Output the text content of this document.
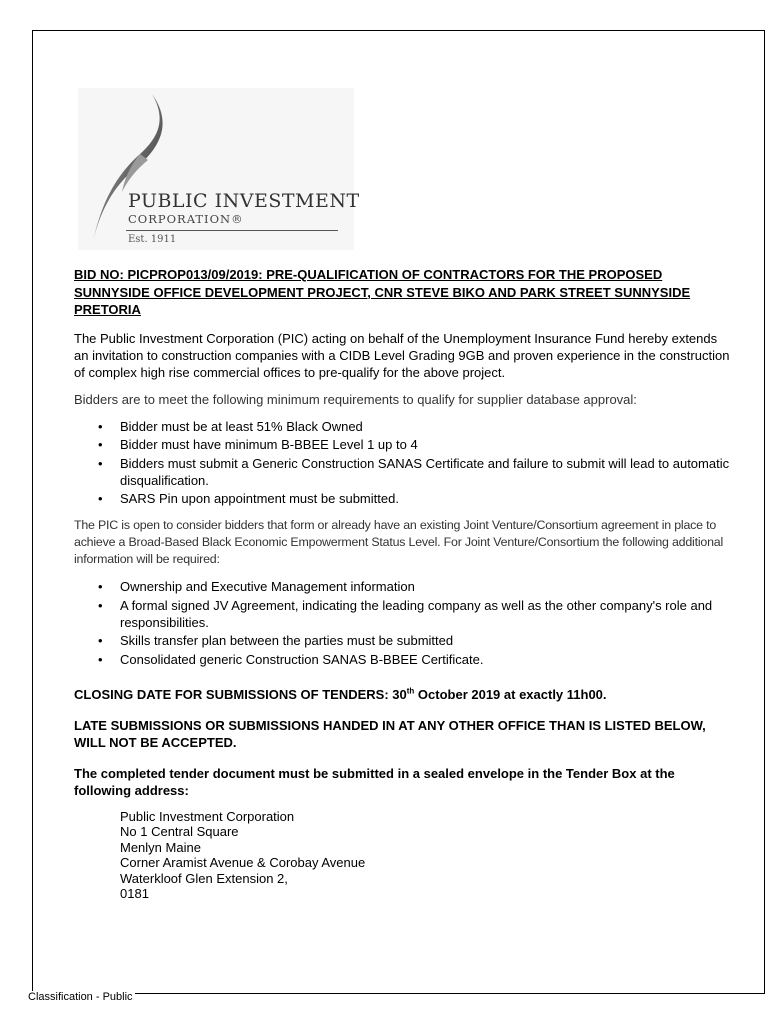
PUBLIC INVESTMENT
CORPORATION®
Est. 1911
BID NO: PICPROP013/09/2019: PRE-QUALIFICATION OF CONTRACTORS FOR THE PROPOSED SUNNYSIDE OFFICE DEVELOPMENT PROJECT, CNR STEVE BIKO AND PARK STREET SUNNYSIDE PRETORIA

The Public Investment Corporation (PIC) acting on behalf of the Unemployment Insurance Fund hereby extends an invitation to construction companies with a CIDB Level Grading 9GB and proven experience in the construction of complex high rise commercial offices to pre-qualify for the above project.

Bidders are to meet the following minimum requirements to qualify for supplier database approval:

• Bidder must be at least 51% Black Owned
• Bidder must have minimum B-BBEE Level 1 up to 4
• Bidders must submit a Generic Construction SANAS Certificate and failure to submit will lead to automatic disqualification.
• SARS Pin upon appointment must be submitted.

The PIC is open to consider bidders that form or already have an existing Joint Venture/Consortium agreement in place to achieve a Broad-Based Black Economic Empowerment Status Level. For Joint Venture/Consortium the following additional information will be required:

• Ownership and Executive Management information
• A formal signed JV Agreement, indicating the leading company as well as the other company's role and responsibilities.
• Skills transfer plan between the parties must be submitted
• Consolidated generic Construction SANAS B-BBEE Certificate.

CLOSING DATE FOR SUBMISSIONS OF TENDERS: 30th October 2019 at exactly 11h00.

LATE SUBMISSIONS OR SUBMISSIONS HANDED IN AT ANY OTHER OFFICE THAN IS LISTED BELOW, WILL NOT BE ACCEPTED.

The completed tender document must be submitted in a sealed envelope in the Tender Box at the following address:

Public Investment Corporation
No 1 Central Square
Menlyn Maine
Corner Aramist Avenue & Corobay Avenue
Waterkloof Glen Extension 2,
0181
Classification - Public
